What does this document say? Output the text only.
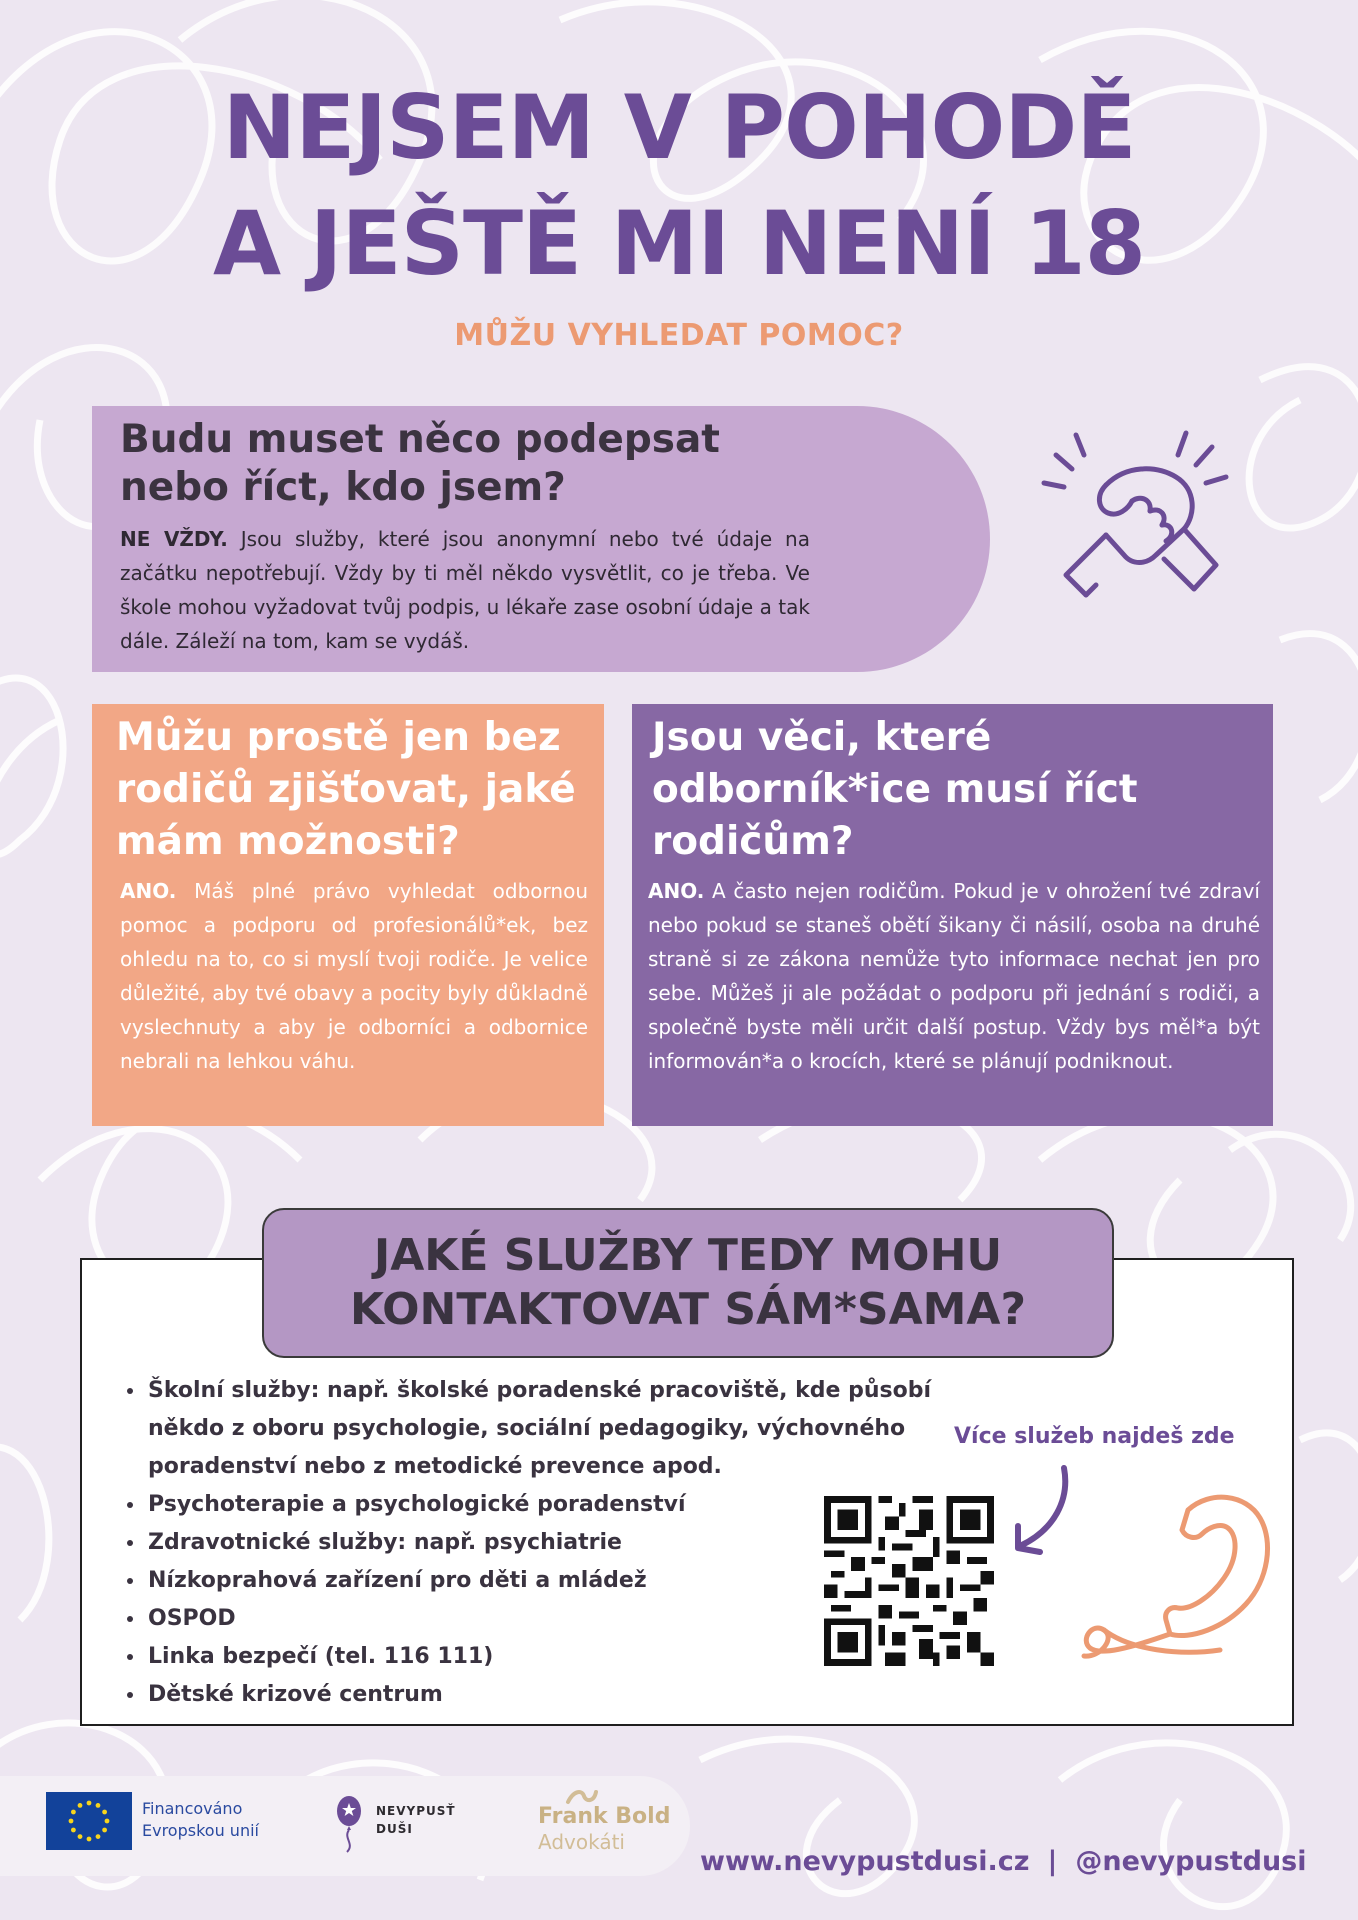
NEJSEM V POHODĚ
A JEŠTĚ MI NENÍ 18
MŮŽU VYHLEDAT POMOC?
Budu muset něco podepsat
nebo říct, kdo jsem?
NE VŽDY. Jsou služby, které jsou anonymní nebo tvé údaje na začátku nepotřebují. Vždy by ti měl někdo vysvětlit, co je třeba. Ve škole mohou vyžadovat tvůj podpis, u lékaře zase osobní údaje a tak dále. Záleží na tom, kam se vydáš.
Můžu prostě jen bez
rodičů zjišťovat, jaké
mám možnosti?
ANO. Máš plné právo vyhledat odbornou pomoc a podporu od profesionálů*ek, bez ohledu na to, co si myslí tvoji rodiče. Je velice důležité, aby tvé obavy a pocity byly důkladně vyslechnuty a aby je odborníci a odbornice nebrali na lehkou váhu.
Jsou věci, které
odborník*ice musí říct
rodičům?
ANO. A často nejen rodičům. Pokud je v ohrožení tvé zdraví nebo pokud se staneš obětí šikany či násilí, osoba na druhé straně si ze zákona nemůže tyto informace nechat jen pro sebe. Můžeš ji ale požádat o podporu při jednání s rodiči, a společně byste měli určit další postup. Vždy bys měl*a být informován*a o krocích, které se plánují podniknout.
JAKÉ SLUŽBY TEDY MOHU
KONTAKTOVAT SÁM*SAMA?
• Školní služby: např. školské poradenské pracoviště, kde působí někdo z oboru psychologie, sociální pedagogiky, výchovného poradenství nebo z metodické prevence apod.
• Psychoterapie a psychologické poradenství
• Zdravotnické služby: např. psychiatrie
• Nízkoprahová zařízení pro děti a mládež
• OSPOD
• Linka bezpečí (tel. 116 111)
• Dětské krizové centrum
Více služeb najdeš zde
Financováno
Evropskou unií
NEVYPUSŤ
DUŠI	Frank Bold
Advokáti
www.nevypustdusi.cz | @nevypustdusi
